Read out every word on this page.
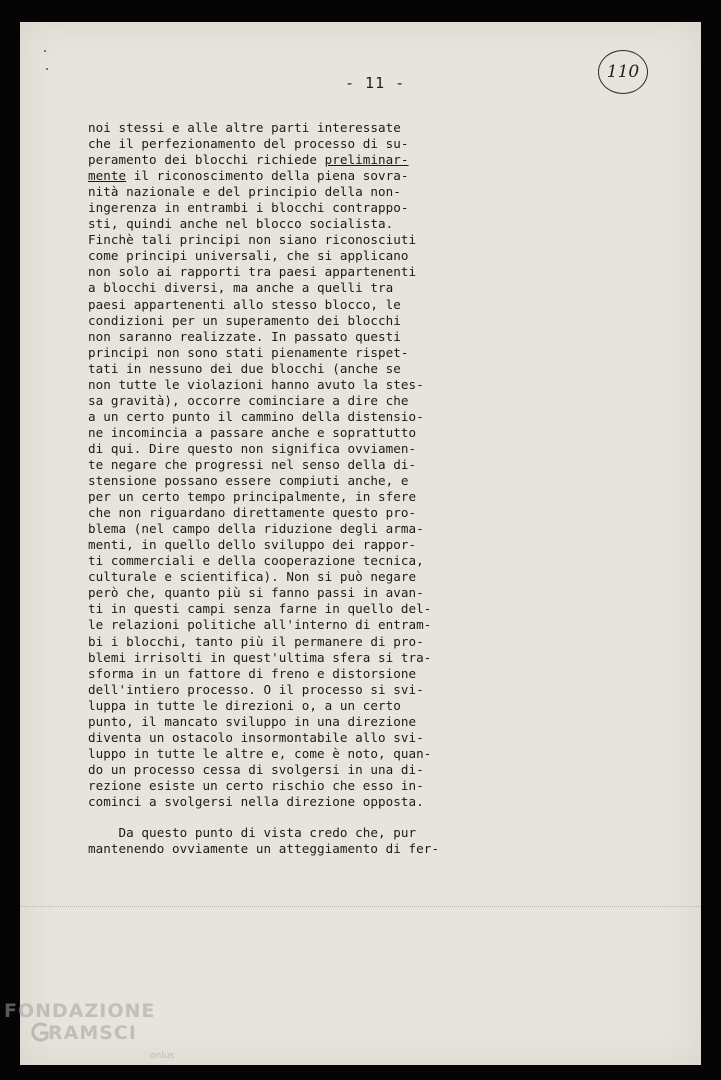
- 11 -
110
noi stessi e alle altre parti interessate
che il perfezionamento del processo di su-
peramento dei blocchi richiede preliminar-
mente il riconoscimento della piena sovra-
nità nazionale e del principio della non-
ingerenza in entrambi i blocchi contrappo-
sti, quindi anche nel blocco socialista.
Finchè tali principi non siano riconosciuti
come principi universali, che si applicano
non solo ai rapporti tra paesi appartenenti
a blocchi diversi, ma anche a quelli tra
paesi appartenenti allo stesso blocco, le
condizioni per un superamento dei blocchi
non saranno realizzate. In passato questi
principi non sono stati pienamente rispet-
tati in nessuno dei due blocchi (anche se
non tutte le violazioni hanno avuto la stes-
sa gravità), occorre cominciare a dire che
a un certo punto il cammino della distensio-
ne incomincia a passare anche e soprattutto
di qui. Dire questo non significa ovviamen-
te negare che progressi nel senso della di-
stensione possano essere compiuti anche, e
per un certo tempo principalmente, in sfere
che non riguardano direttamente questo pro-
blema (nel campo della riduzione degli arma-
menti, in quello dello sviluppo dei rappor-
ti commerciali e della cooperazione tecnica,
culturale e scientifica). Non si può negare
però che, quanto più si fanno passi in avan-
ti in questi campi senza farne in quello del-
le relazioni politiche all'interno di entram-
bi i blocchi, tanto più il permanere di pro-
blemi irrisolti in quest'ultima sfera si tra-
sforma in un fattore di freno e distorsione
dell'intiero processo. O il processo si svi-
luppa in tutte le direzioni o, a un certo
punto, il mancato sviluppo in una direzione
diventa un ostacolo insormontabile allo svi-
luppo in tutte le altre e, come è noto, quan-
do un processo cessa di svolgersi in una di-
rezione esiste un certo rischio che esso in-
cominci a svolgersi nella direzione opposta.
Da questo punto di vista credo che, pur
mantenendo ovviamente un atteggiamento di fer-
FONDAZIONE
RAMSCI
onlus
